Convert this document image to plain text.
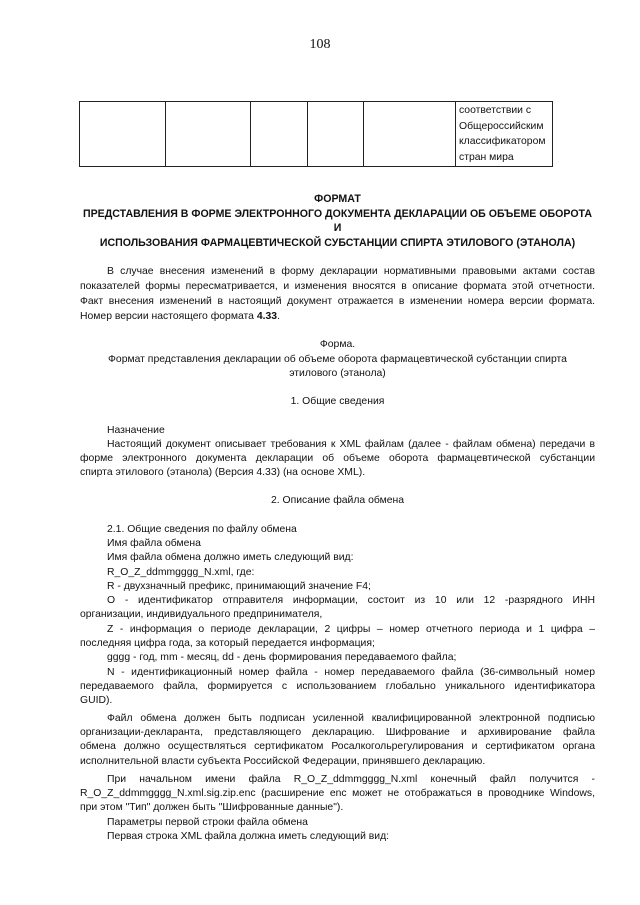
108

соответствии с
Общероссийским
классификатором
стран мира
ФОРМАТ
ПРЕДСТАВЛЕНИЯ В ФОРМЕ ЭЛЕКТРОННОГО ДОКУМЕНТА ДЕКЛАРАЦИИ ОБ ОБЪЕМЕ ОБОРОТА И
ИСПОЛЬЗОВАНИЯ ФАРМАЦЕВТИЧЕСКОЙ СУБСТАНЦИИ СПИРТА ЭТИЛОВОГО (ЭТАНОЛА)
В случае внесения изменений в форму декларации нормативными правовыми актами состав
показателей формы пересматривается, и изменения вносятся в описание формата этой отчетности.
Факт внесения изменений в настоящий документ отражается в изменении номера версии формата.
Номер версии настоящего формата 4.33.
Форма.
Формат представления декларации об объеме оборота фармацевтической субстанции спирта
этилового (этанола)
1. Общие сведения
Назначение
Настоящий документ описывает требования к XML файлам (далее - файлам обмена) передачи в
форме электронного документа декларации об объеме оборота фармацевтической субстанции
спирта этилового (этанола) (Версия 4.33) (на основе XML).
2. Описание файла обмена
2.1. Общие сведения по файлу обмена
Имя файла обмена
Имя файла обмена должно иметь следующий вид:
R_O_Z_ddmmgggg_N.xml, где:
R - двухзначный префикс, принимающий значение F4;
О - идентификатор отправителя информации, состоит из 10 или 12 -разрядного ИНН
организации, индивидуального предпринимателя,
Z - информация о периоде декларации, 2 цифры – номер отчетного периода и 1 цифра –
последняя цифра года, за который передается информация;
gggg - год, mm - месяц, dd - день формирования передаваемого файла;
N - идентификационный номер файла - номер передаваемого файла (36-символьный номер
передаваемого файла, формируется с использованием глобально уникального идентификатора
GUID).
Файл обмена должен быть подписан усиленной квалифицированной электронной подписью
организации-декларанта, представляющего декларацию. Шифрование и архивирование файла
обмена должно осуществляться сертификатом Росалкогольрегулирования и сертификатом органа
исполнительной власти субъекта Российской Федерации, принявшего декларацию.
При начальном имени файла R_O_Z_ddmmgggg_N.xml конечный файл получится -
R_O_Z_ddmmgggg_N.xml.sig.zip.enc (расширение enc может не отображаться в проводнике Windows,
при этом "Тип" должен быть "Шифрованные данные").
Параметры первой строки файла обмена
Первая строка XML файла должна иметь следующий вид:
